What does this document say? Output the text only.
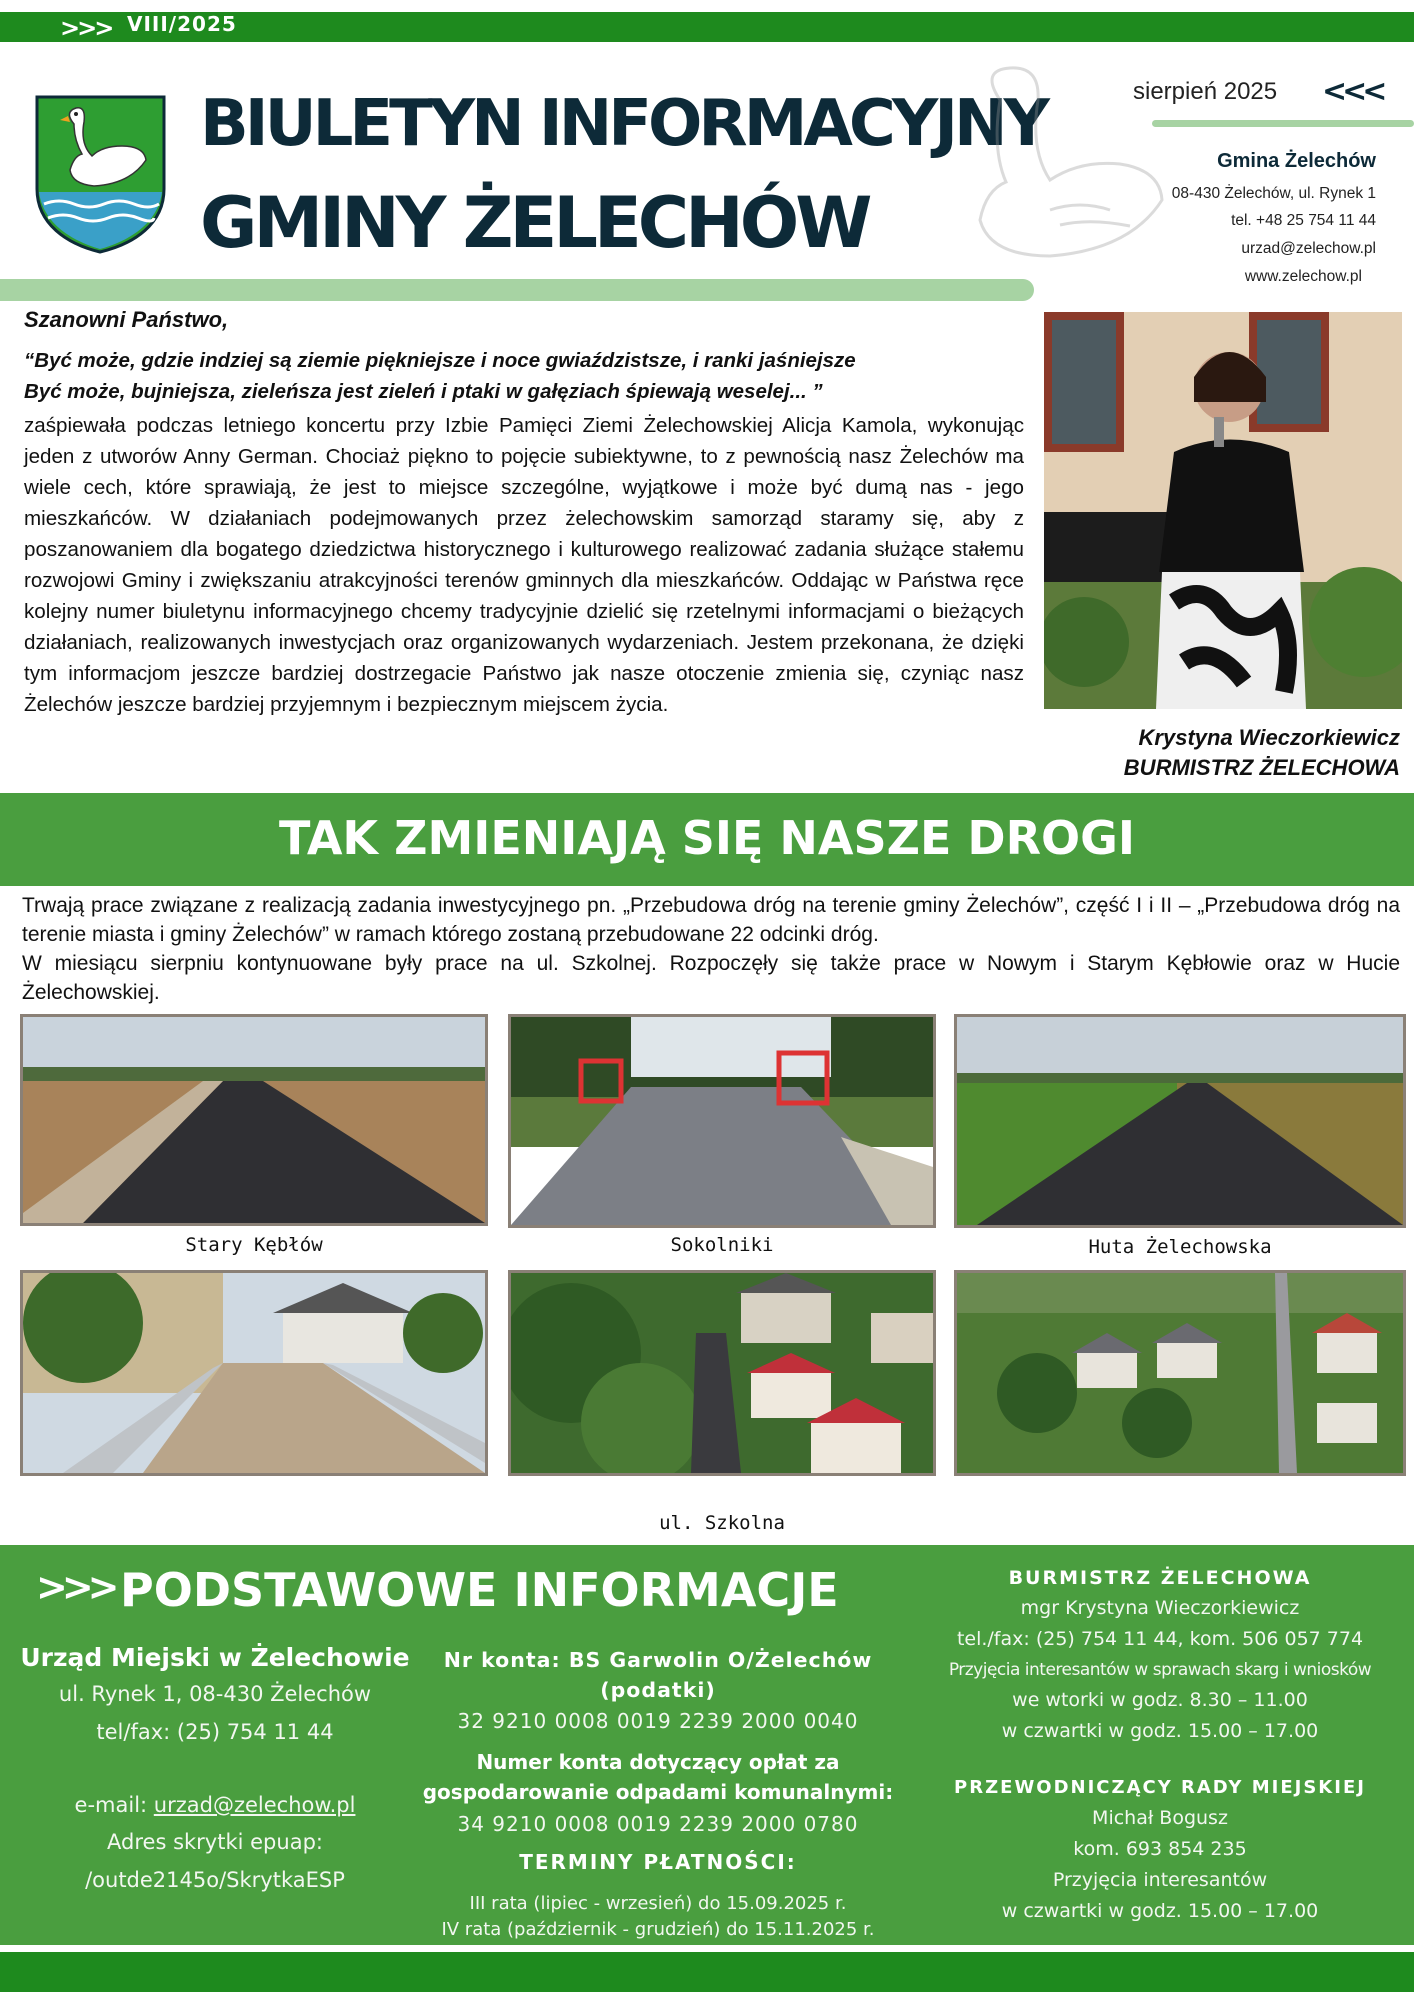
>>> VIII/2025
BIULETYN INFORMACYJNY
GMINY ŻELECHÓW
sierpień 2025 <<<
Gmina Żelechów
08-430 Żelechów, ul. Rynek 1
tel. +48 25 754 11 44
urzad@zelechow.pl
www.zelechow.pl
Szanowni Państwo,
“Być może, gdzie indziej są ziemie piękniejsze i noce gwiaździstsze, i ranki jaśniejsze
Być może, bujniejsza, zieleńsza jest zieleń i ptaki w gałęziach śpiewają weselej... ”
zaśpiewała podczas letniego koncertu przy Izbie Pamięci Ziemi Żelechowskiej Alicja Kamola, wykonując jeden z utworów Anny German. Chociaż piękno to pojęcie subiektywne, to z pewnością nasz Żelechów ma wiele cech, które sprawiają, że jest to miejsce szczególne, wyjątkowe i może być dumą nas - jego mieszkańców. W działaniach podejmowanych przez żelechowskim samorząd staramy się, aby z poszanowaniem dla bogatego dziedzictwa historycznego i kulturowego realizować zadania służące stałemu rozwojowi Gminy i zwiększaniu atrakcyjności terenów gminnych dla mieszkańców. Oddając w Państwa ręce kolejny numer biuletynu informacyjnego chcemy tradycyjnie dzielić się rzetelnymi informacjami o bieżących działaniach, realizowanych inwestycjach oraz organizowanych wydarzeniach. Jestem przekonana, że dzięki tym informacjom jeszcze bardziej dostrzegacie Państwo jak nasze otoczenie zmienia się, czyniąc nasz Żelechów jeszcze bardziej przyjemnym i bezpiecznym miejscem życia.
Krystyna Wieczorkiewicz
BURMISTRZ ŻELECHOWA
TAK ZMIENIAJĄ SIĘ NASZE DROGI
Trwają prace związane z realizacją zadania inwestycyjnego pn. „Przebudowa dróg na terenie gminy Żelechów”, część I i II – „Przebudowa dróg na terenie miasta i gminy Żelechów” w ramach którego zostaną przebudowane 22 odcinki dróg.
W miesiącu sierpniu kontynuowane były prace na ul. Szkolnej. Rozpoczęły się także prace w Nowym i Starym Kębłowie oraz w Hucie Żelechowskiej.
Stary Kębłów	Sokolniki	Huta Żelechowska
ul. Szkolna
>>> PODSTAWOWE INFORMACJE
Urząd Miejski w Żelechowie
ul. Rynek 1, 08-430 Żelechów
tel/fax: (25) 754 11 44
e-mail: urzad@zelechow.pl
Adres skrytki epuap:
/outde2145o/SkrytkaESP
Nr konta: BS Garwolin O/Żelechów (podatki)
32 9210 0008 0019 2239 2000 0040
Numer konta dotyczący opłat za
gospodarowanie odpadami komunalnymi:
34 9210 0008 0019 2239 2000 0780
TERMINY PŁATNOŚCI:
III rata (lipiec - wrzesień) do 15.09.2025 r.
IV rata (październik - grudzień) do 15.11.2025 r.
BURMISTRZ ŻELECHOWA
mgr Krystyna Wieczorkiewicz
tel./fax: (25) 754 11 44, kom. 506 057 774
Przyjęcia interesantów w sprawach skarg i wniosków
we wtorki w godz. 8.30 – 11.00
w czwartki w godz. 15.00 – 17.00
PRZEWODNICZĄCY RADY MIEJSKIEJ
Michał Bogusz
kom. 693 854 235
Przyjęcia interesantów
w czwartki w godz. 15.00 – 17.00
